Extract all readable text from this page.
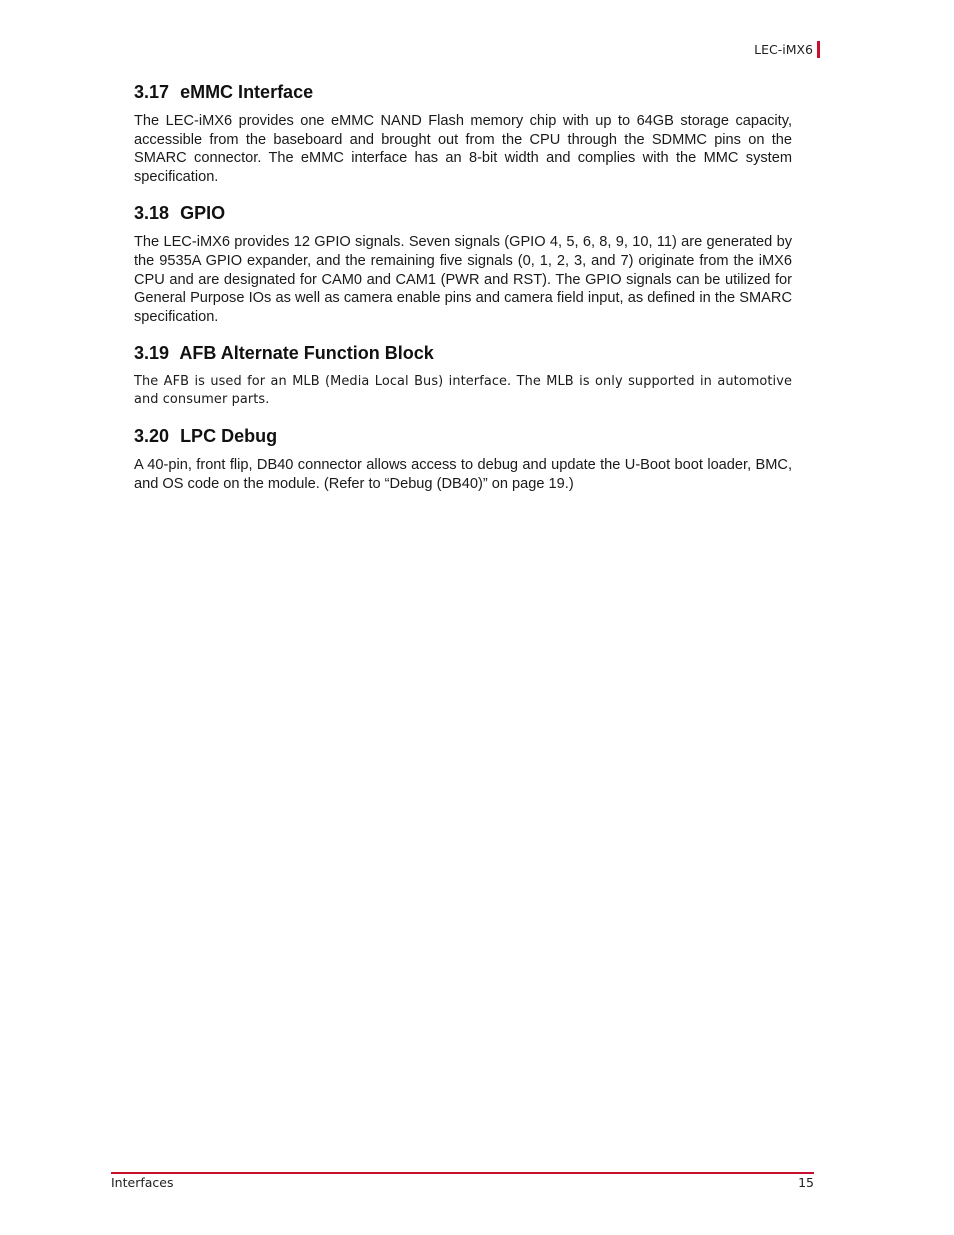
LEC-iMX6
3.17 eMMC Interface

The LEC-iMX6 provides one eMMC NAND Flash memory chip with up to 64GB storage capacity, accessible from the baseboard and brought out from the CPU through the SDMMC pins on the SMARC connector. The eMMC interface has an 8-bit width and complies with the MMC system specification.

3.18 GPIO

The LEC-iMX6 provides 12 GPIO signals. Seven signals (GPIO 4, 5, 6, 8, 9, 10, 11) are generated by the 9535A GPIO expander, and the remaining five signals (0, 1, 2, 3, and 7) originate from the iMX6 CPU and are designated for CAM0 and CAM1 (PWR and RST). The GPIO signals can be utilized for General Purpose IOs as well as camera enable pins and camera field input, as defined in the SMARC specification.

3.19 AFB Alternate Function Block

The AFB is used for an MLB (Media Local Bus) interface. The MLB is only supported in automotive and consumer parts.

3.20 LPC Debug

A 40-pin, front flip, DB40 connector allows access to debug and update the U-Boot boot loader, BMC, and OS code on the module. (Refer to “Debug (DB40)” on page 19.)

Interfaces	15
